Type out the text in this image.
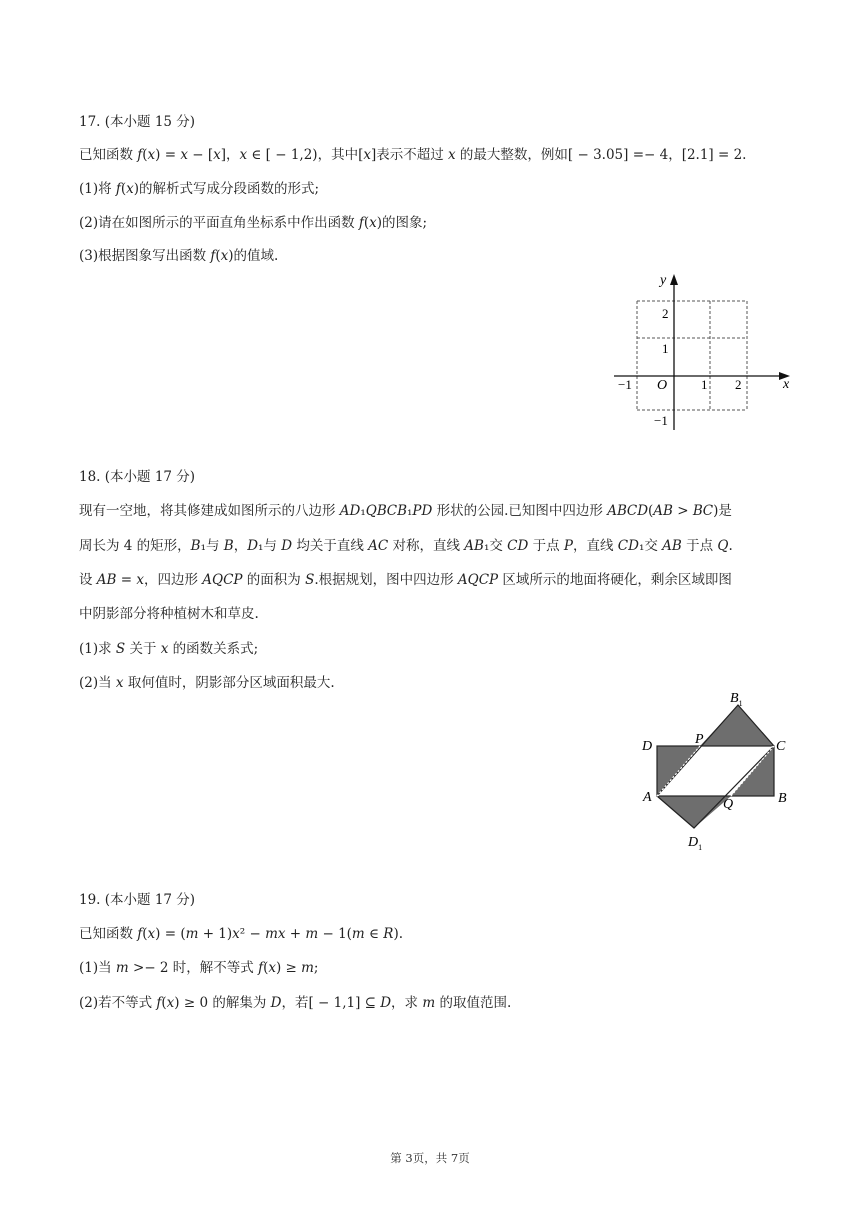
17. (本小题 15 分)
已知函数 𝑓(𝑥) = 𝑥 − [𝑥]，𝑥 ∈ [ − 1,2)，其中[𝑥]表示不超过 𝑥 的最大整数，例如[ − 3.05] =− 4，[2.1] = 2.
(1)将 𝑓(𝑥)的解析式写成分段函数的形式;
(2)请在如图所示的平面直角坐标系中作出函数 𝑓(𝑥)的图象;
(3)根据图象写出函数 𝑓(𝑥)的值域.
x
y
O
−1	1 2
2
1
−1
18. (本小题 17 分)
现有一空地，将其修建成如图所示的八边形 𝐴𝐷₁𝑄𝐵𝐶𝐵₁𝑃𝐷 形状的公园.已知图中四边形 𝐴𝐵𝐶𝐷(𝐴𝐵 > 𝐵𝐶)是
周长为 4 的矩形，𝐵₁与 𝐵，𝐷₁与 𝐷 均关于直线 𝐴𝐶 对称，直线 𝐴𝐵₁交 𝐶𝐷 于点 𝑃，直线 𝐶𝐷₁交 𝐴𝐵 于点 𝑄.
设 𝐴𝐵 = 𝑥，四边形 𝐴𝑄𝐶𝑃 的面积为 𝑆.根据规划，图中四边形 𝐴𝑄𝐶𝑃 区域所示的地面将硬化，剩余区域即图
中阴影部分将种植树木和草皮.
(1)求 𝑆 关于 𝑥 的函数关系式;
(2)当 𝑥 取何值时，阴影部分区域面积最大.
$B_1$
D	P	C
A	Q	B
$D_1$
19. (本小题 17 分)
已知函数 𝑓(𝑥) = (𝑚 + 1)𝑥² − 𝑚𝑥 + 𝑚 − 1(𝑚 ∈ 𝑅).
(1)当 𝑚 >− 2 时，解不等式 𝑓(𝑥) ≥ 𝑚;
(2)若不等式 𝑓(𝑥) ≥ 0 的解集为 𝐷，若[ − 1,1] ⊆ 𝐷，求 𝑚 的取值范围.
第 3页，共 7页
